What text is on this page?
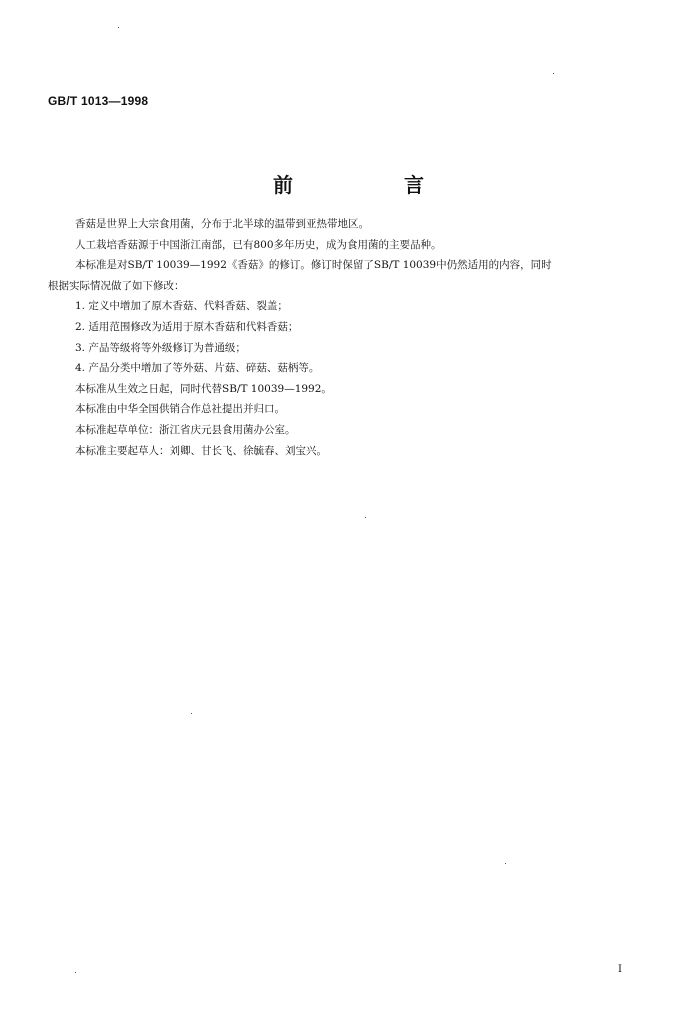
GB/T 1013—1998
前 言

香菇是世界上大宗食用菌，分布于北半球的温带到亚热带地区。

人工栽培香菇源于中国浙江南部，已有800多年历史，成为食用菌的主要品种。

本标准是对SB/T 10039—1992《香菇》的修订。修订时保留了SB/T 10039中仍然适用的内容，同时

根据实际情况做了如下修改：

1. 定义中增加了原木香菇、代料香菇、裂盖；

2. 适用范围修改为适用于原木香菇和代料香菇；

3. 产品等级将等外级修订为普通级；

4. 产品分类中增加了等外菇、片菇、碎菇、菇柄等。

本标准从生效之日起，同时代替SB/T 10039—1992。

本标准由中华全国供销合作总社提出并归口。

本标准起草单位：浙江省庆元县食用菌办公室。

本标准主要起草人：刘卿、甘长飞、徐毓春、刘宝兴。

I
